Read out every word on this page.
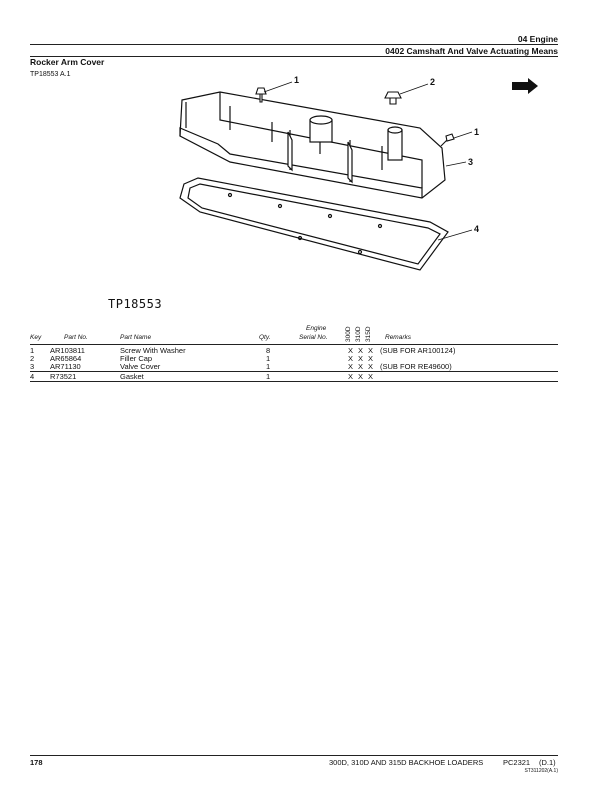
04 Engine
0402 Camshaft And Valve Actuating Means
Rocker Arm Cover
TP18553 A.1
1	2
1
3
4
TP18553
Key	Part No.	Part Name	Qty.
Engine
Serial No.	300D 310D 315D Remarks
1 AR103811	Screw With Washer	8	X X X (SUB FOR AR100124)
2 AR65864	Filler Cap	1	X X X
3 AR71130	Valve Cover	1	X X X (SUB FOR RE49600)
4 R73521	Gasket	1	X X X
178	300D, 310D AND 315D BACKHOE LOADERS	PC2321 (D.1)
ST311202(A.1)
